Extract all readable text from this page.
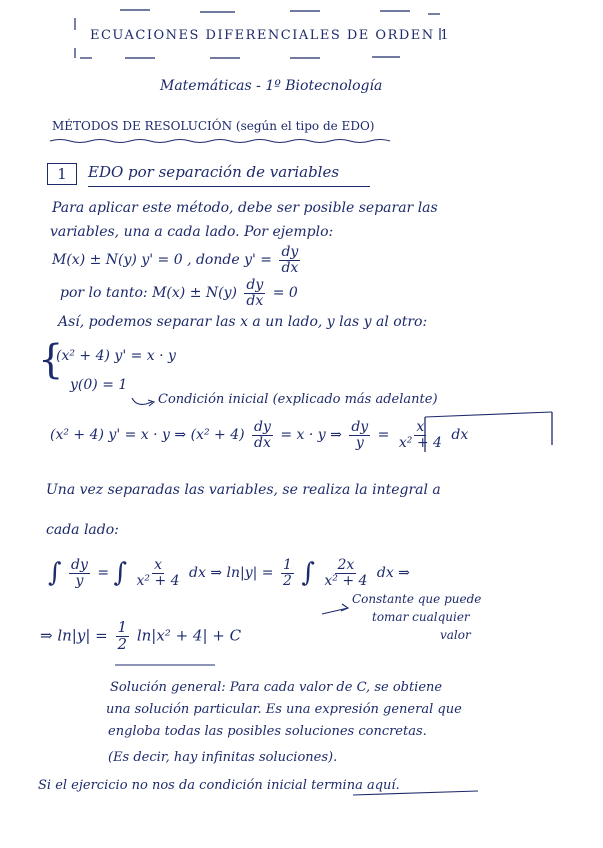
ECUACIONES DIFERENCIALES DE ORDEN 1
Matemáticas - 1º Biotecnología
MÉTODOS DE RESOLUCIÓN (según el tipo de EDO)
1	EDO por separación de variables
Para aplicar este método, debe ser posible separar las
variables, una a cada lado. Por ejemplo:
M(x) ± N(y) y' = 0 , donde $y' = \frac{dy}{dx}$
por lo tanto: $M(x) \pm N(y) \frac{dy}{dx} = 0$
Así, podemos separar las x a un lado, y las y al otro:
{
(x² + 4) y' = x · y
y(0) = 1
Condición inicial (explicado más adelante)
(x² + 4) y' = x · y ⇒ $(x^2 + 4) \frac{dy}{dx} = x \cdot y$ ⇒ $\frac{dy}{y} = \frac{x}{\text{x² + 4}}$ dx
Una vez separadas las variables, se realiza la integral a
cada lado:
∫ $\frac{dy}{y}$ = ∫ $\frac{x}{\text{x² + 4}}$ dx ⇒ $\ln|y| = \frac{1}{2}$ ∫ $\frac{2x}{\text{x² + 4}}$ dx ⇒
⇒ $\ln|y| = \frac{1}{2} \ln|x^2 + 4| + C$
Constante que puede
tomar cualquier
valor
Solución general: Para cada valor de C, se obtiene
una solución particular. Es una expresión general que
engloba todas las posibles soluciones concretas.
(Es decir, hay infinitas soluciones).
Si el ejercicio no nos da condición inicial termina aquí.
